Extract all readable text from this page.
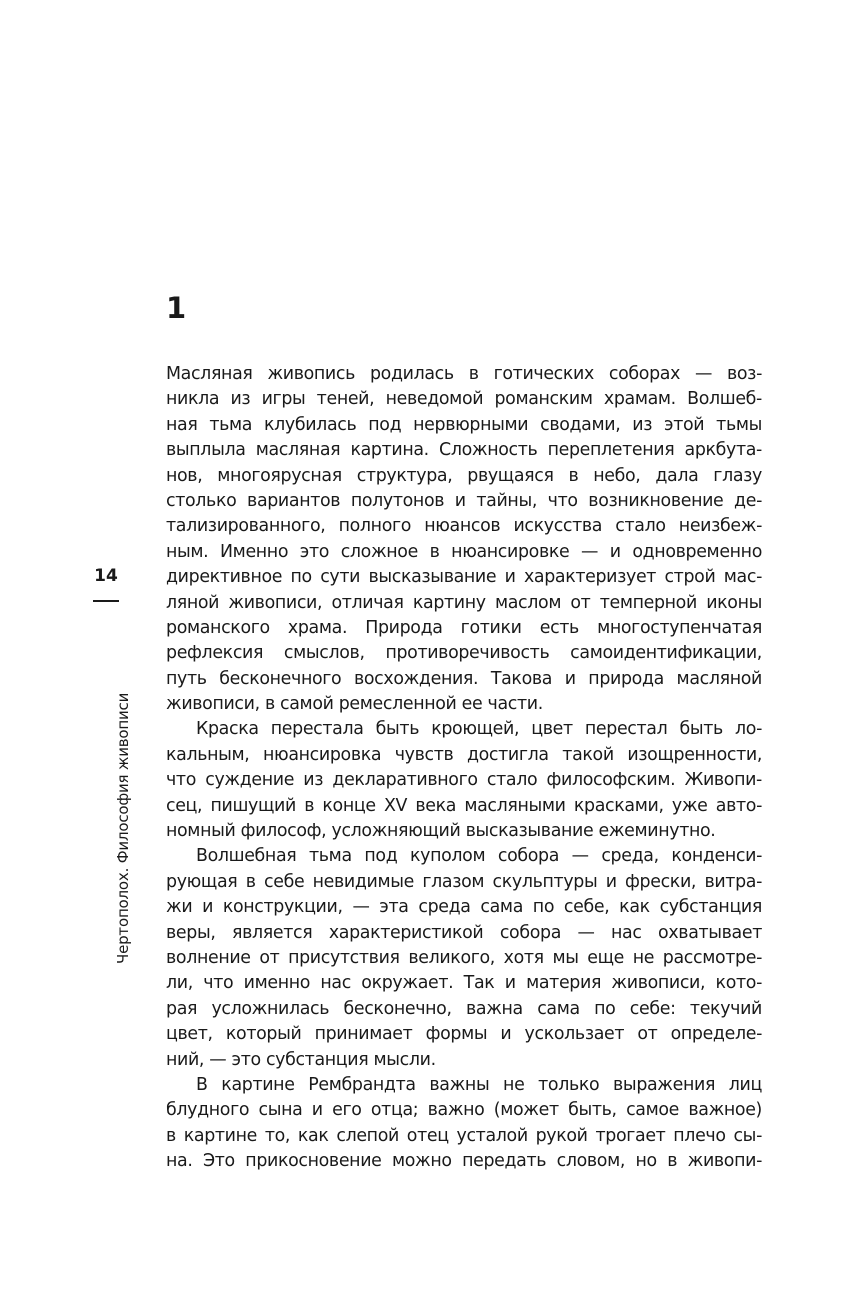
1
Масляная живопись родилась в готических соборах — воз-
никла из игры теней, неведомой романским храмам. Волшеб-
ная тьма клубилась под нервюрными сводами, из этой тьмы
выплыла масляная картина. Сложность переплетения аркбута-
нов, многоярусная структура, рвущаяся в небо, дала глазу
столько вариантов полутонов и тайны, что возникновение де-
тализированного, полного нюансов искусства стало неизбеж-
ным. Именно это сложное в нюансировке — и одновременно
директивное по сути высказывание и характеризует строй мас-
ляной живописи, отличая картину маслом от темперной иконы
романского храма. Природа готики есть многоступенчатая
рефлексия смыслов, противоречивость самоидентификации,
путь бесконечного восхождения. Такова и природа масляной
живописи, в самой ремесленной ее части.
Краска перестала быть кроющей, цвет перестал быть ло-
кальным, нюансировка чувств достигла такой изощренности,
что суждение из декларативного стало философским. Живопи-
сец, пишущий в конце XV века масляными красками, уже авто-
номный философ, усложняющий высказывание ежеминутно.
Волшебная тьма под куполом собора — среда, конденси-
рующая в себе невидимые глазом скульптуры и фрески, витра-
жи и конструкции, — эта среда сама по себе, как субстанция
веры, является характеристикой собора — нас охватывает
волнение от присутствия великого, хотя мы еще не рассмотре-
ли, что именно нас окружает. Так и материя живописи, кото-
рая усложнилась бесконечно, важна сама по себе: текучий
цвет, который принимает формы и ускользает от определе-
ний, — это субстанция мысли.
В картине Рембрандта важны не только выражения лиц
блудного сына и его отца; важно (может быть, самое важное)
в картине то, как слепой отец усталой рукой трогает плечо сы-
на. Это прикосновение можно передать словом, но в живопи-
14
Чертополох. Философия живописи
